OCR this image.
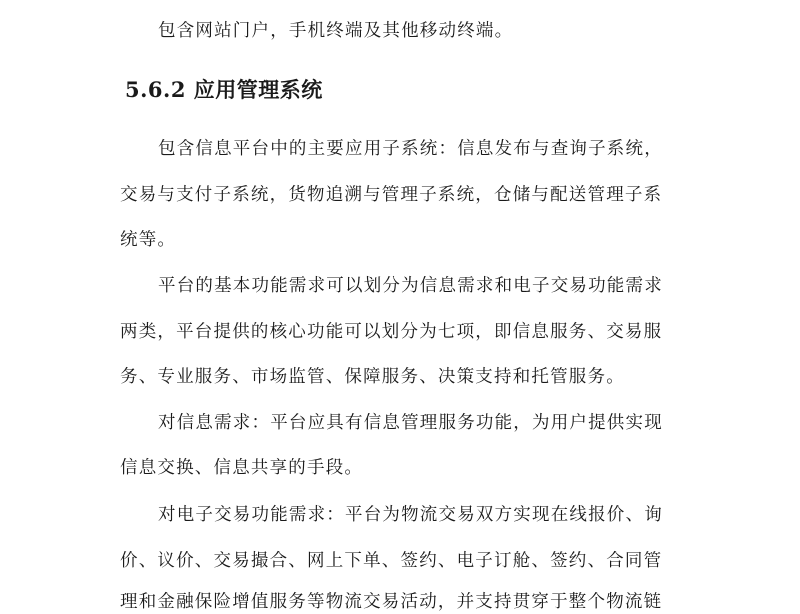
包含网站门户，手机终端及其他移动终端。
5.6.2 应用管理系统
包含信息平台中的主要应用子系统：信息发布与查询子系统，
交易与支付子系统，货物追溯与管理子系统，仓储与配送管理子系
统等。
平台的基本功能需求可以划分为信息需求和电子交易功能需求
两类，平台提供的核心功能可以划分为七项，即信息服务、交易服
务、专业服务、市场监管、保障服务、决策支持和托管服务。
对信息需求：平台应具有信息管理服务功能，为用户提供实现
信息交换、信息共享的手段。
对电子交易功能需求：平台为物流交易双方实现在线报价、询
价、议价、交易撮合、网上下单、签约、电子订舱、签约、合同管
理和金融保险增值服务等物流交易活动，并支持贯穿于整个物流链
